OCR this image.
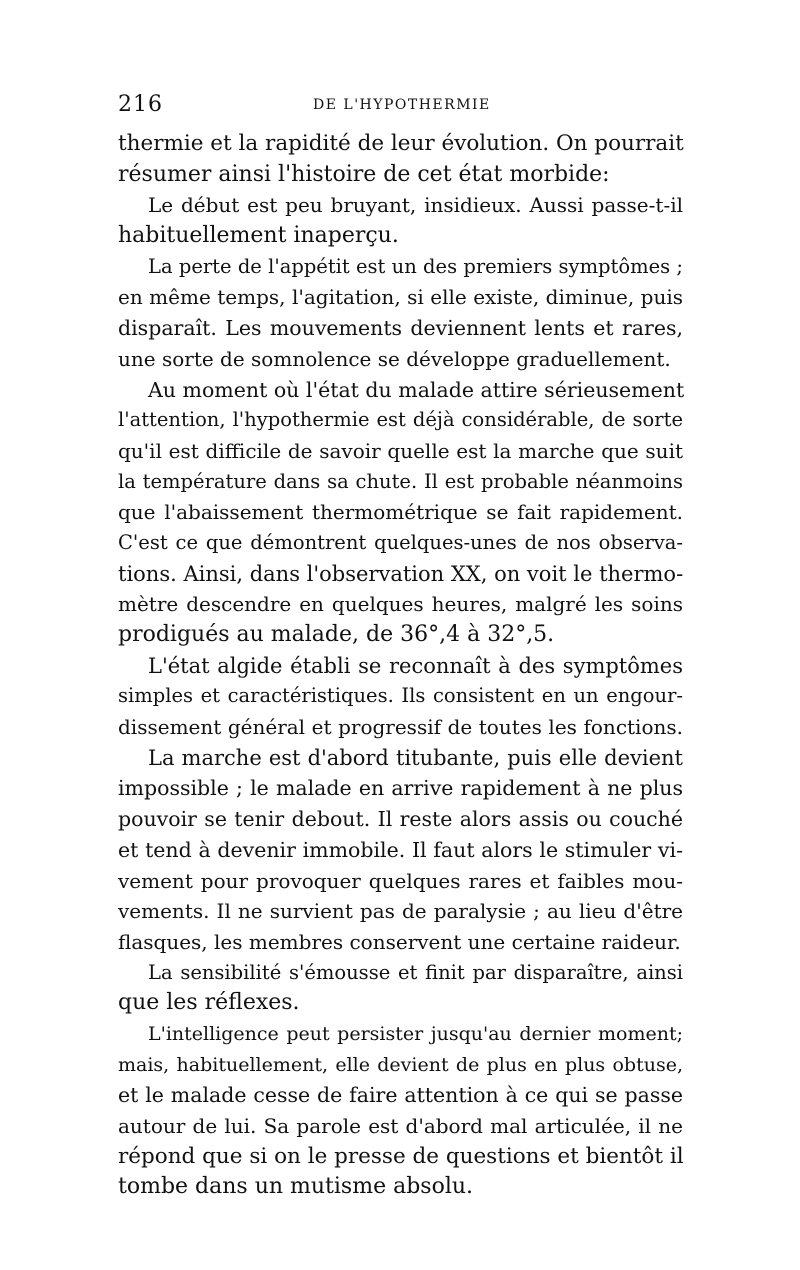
216	DE L'HYPOTHERMIE
thermie et la rapidité de leur évolution. On pourrait
résumer ainsi l'histoire de cet état morbide:
Le début est peu bruyant, insidieux. Aussi passe-t-il
habituellement inaperçu.
La perte de l'appétit est un des premiers symptômes ;
en même temps, l'agitation, si elle existe, diminue, puis
disparaît. Les mouvements deviennent lents et rares,
une sorte de somnolence se développe graduellement.
Au moment où l'état du malade attire sérieusement
l'attention, l'hypothermie est déjà considérable, de sorte
qu'il est difficile de savoir quelle est la marche que suit
la température dans sa chute. Il est probable néanmoins
que l'abaissement thermométrique se fait rapidement.
C'est ce que démontrent quelques-unes de nos observa-
tions. Ainsi, dans l'observation XX, on voit le thermo-
mètre descendre en quelques heures, malgré les soins
prodigués au malade, de 36°,4 à 32°,5.
L'état algide établi se reconnaît à des symptômes
simples et caractéristiques. Ils consistent en un engour-
dissement général et progressif de toutes les fonctions.
La marche est d'abord titubante, puis elle devient
impossible ; le malade en arrive rapidement à ne plus
pouvoir se tenir debout. Il reste alors assis ou couché
et tend à devenir immobile. Il faut alors le stimuler vi-
vement pour provoquer quelques rares et faibles mou-
vements. Il ne survient pas de paralysie ; au lieu d'être
flasques, les membres conservent une certaine raideur.
La sensibilité s'émousse et finit par disparaître, ainsi
que les réflexes.
L'intelligence peut persister jusqu'au dernier moment;
mais, habituellement, elle devient de plus en plus obtuse,
et le malade cesse de faire attention à ce qui se passe
autour de lui. Sa parole est d'abord mal articulée, il ne
répond que si on le presse de questions et bientôt il
tombe dans un mutisme absolu.
